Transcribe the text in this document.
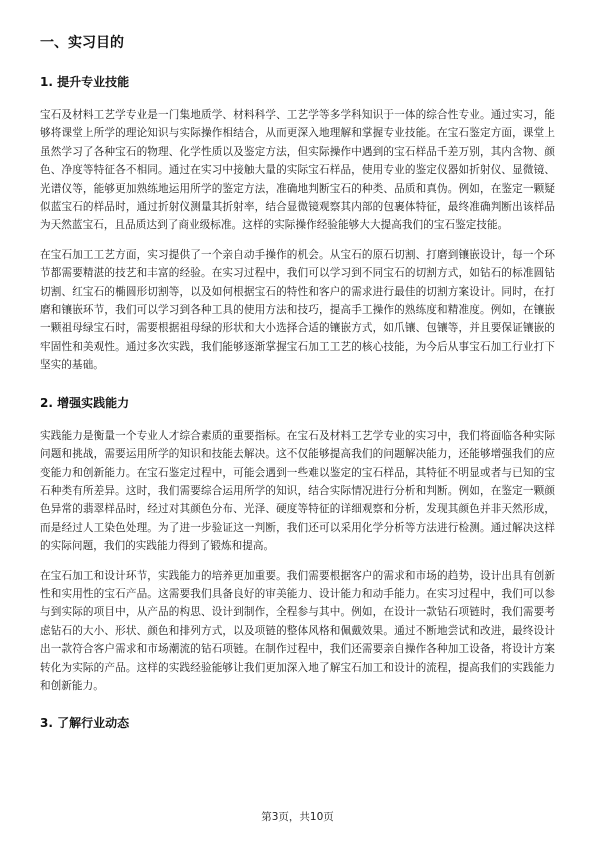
一、实习目的
1. 提升专业技能

宝石及材料工艺学专业是一门集地质学、材料科学、工艺学等多学科知识于一体的综合性专业。通过实习，能够将课堂上所学的理论知识与实际操作相结合，从而更深入地理解和掌握专业技能。在宝石鉴定方面，课堂上虽然学习了各种宝石的物理、化学性质以及鉴定方法，但实际操作中遇到的宝石样品千差万别，其内含物、颜色、净度等特征各不相同。通过在实习中接触大量的实际宝石样品，使用专业的鉴定仪器如折射仪、显微镜、光谱仪等，能够更加熟练地运用所学的鉴定方法，准确地判断宝石的种类、品质和真伪。例如，在鉴定一颗疑似蓝宝石的样品时，通过折射仪测量其折射率，结合显微镜观察其内部的包裹体特征，最终准确判断出该样品为天然蓝宝石，且品质达到了商业级标准。这样的实际操作经验能够大大提高我们的宝石鉴定技能。

在宝石加工工艺方面，实习提供了一个亲自动手操作的机会。从宝石的原石切割、打磨到镶嵌设计，每一个环节都需要精湛的技艺和丰富的经验。在实习过程中，我们可以学习到不同宝石的切割方式，如钻石的标准圆钻切割、红宝石的椭圆形切割等，以及如何根据宝石的特性和客户的需求进行最佳的切割方案设计。同时，在打磨和镶嵌环节，我们可以学习到各种工具的使用方法和技巧，提高手工操作的熟练度和精准度。例如，在镶嵌一颗祖母绿宝石时，需要根据祖母绿的形状和大小选择合适的镶嵌方式，如爪镶、包镶等，并且要保证镶嵌的牢固性和美观性。通过多次实践，我们能够逐渐掌握宝石加工工艺的核心技能，为今后从事宝石加工行业打下坚实的基础。

2. 增强实践能力

实践能力是衡量一个专业人才综合素质的重要指标。在宝石及材料工艺学专业的实习中，我们将面临各种实际问题和挑战，需要运用所学的知识和技能去解决。这不仅能够提高我们的问题解决能力，还能够增强我们的应变能力和创新能力。在宝石鉴定过程中，可能会遇到一些难以鉴定的宝石样品，其特征不明显或者与已知的宝石种类有所差异。这时，我们需要综合运用所学的知识，结合实际情况进行分析和判断。例如，在鉴定一颗颜色异常的翡翠样品时，经过对其颜色分布、光泽、硬度等特征的详细观察和分析，发现其颜色并非天然形成，而是经过人工染色处理。为了进一步验证这一判断，我们还可以采用化学分析等方法进行检测。通过解决这样的实际问题，我们的实践能力得到了锻炼和提高。

在宝石加工和设计环节，实践能力的培养更加重要。我们需要根据客户的需求和市场的趋势，设计出具有创新性和实用性的宝石产品。这需要我们具备良好的审美能力、设计能力和动手能力。在实习过程中，我们可以参与到实际的项目中，从产品的构思、设计到制作，全程参与其中。例如，在设计一款钻石项链时，我们需要考虑钻石的大小、形状、颜色和排列方式，以及项链的整体风格和佩戴效果。通过不断地尝试和改进，最终设计出一款符合客户需求和市场潮流的钻石项链。在制作过程中，我们还需要亲自操作各种加工设备，将设计方案转化为实际的产品。这样的实践经验能够让我们更加深入地了解宝石加工和设计的流程，提高我们的实践能力和创新能力。

3. 了解行业动态
第3页，共10页
